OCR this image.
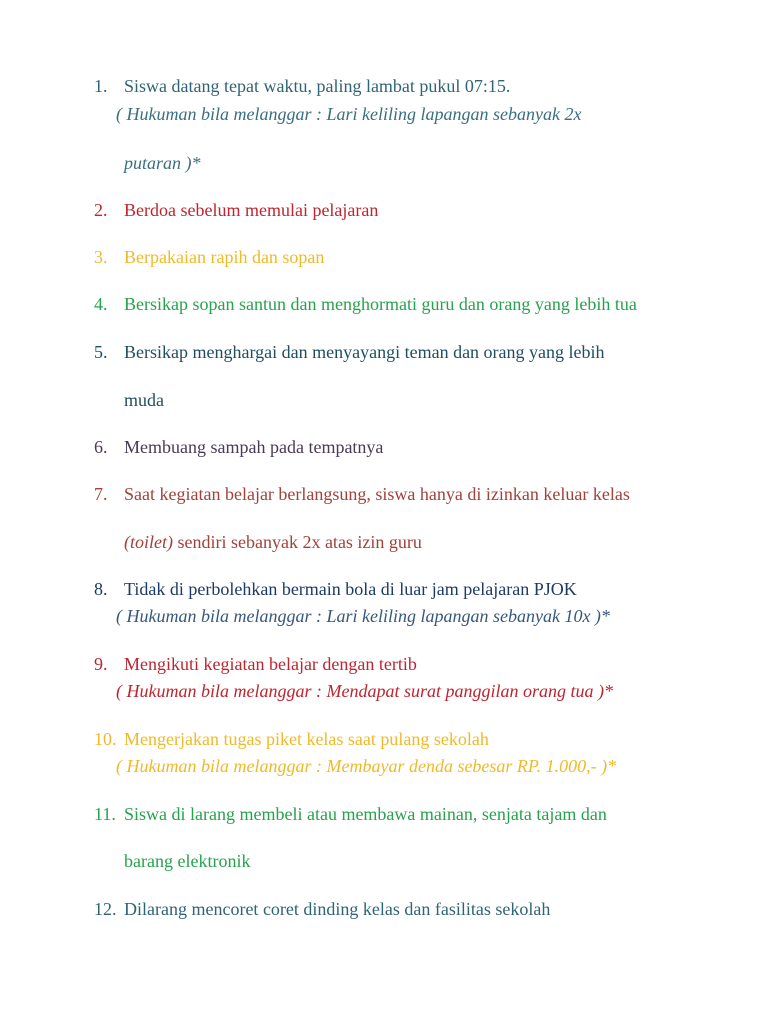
1. Siswa datang tepat waktu, paling lambat pukul 07:15.
( Hukuman bila melanggar : Lari keliling lapangan sebanyak 2x
putaran )*
2. Berdoa sebelum memulai pelajaran
3. Berpakaian rapih dan sopan
4. Bersikap sopan santun dan menghormati guru dan orang yang lebih tua
5. Bersikap menghargai dan menyayangi teman dan orang yang lebih
muda
6. Membuang sampah pada tempatnya
7. Saat kegiatan belajar berlangsung, siswa hanya di izinkan keluar kelas
(toilet) sendiri sebanyak 2x atas izin guru
8. Tidak di perbolehkan bermain bola di luar jam pelajaran PJOK
( Hukuman bila melanggar : Lari keliling lapangan sebanyak 10x )*
9. Mengikuti kegiatan belajar dengan tertib
( Hukuman bila melanggar : Mendapat surat panggilan orang tua )*
10. Mengerjakan tugas piket kelas saat pulang sekolah
( Hukuman bila melanggar : Membayar denda sebesar RP. 1.000,- )*
11. Siswa di larang membeli atau membawa mainan, senjata tajam dan
barang elektronik
12. Dilarang mencoret coret dinding kelas dan fasilitas sekolah
